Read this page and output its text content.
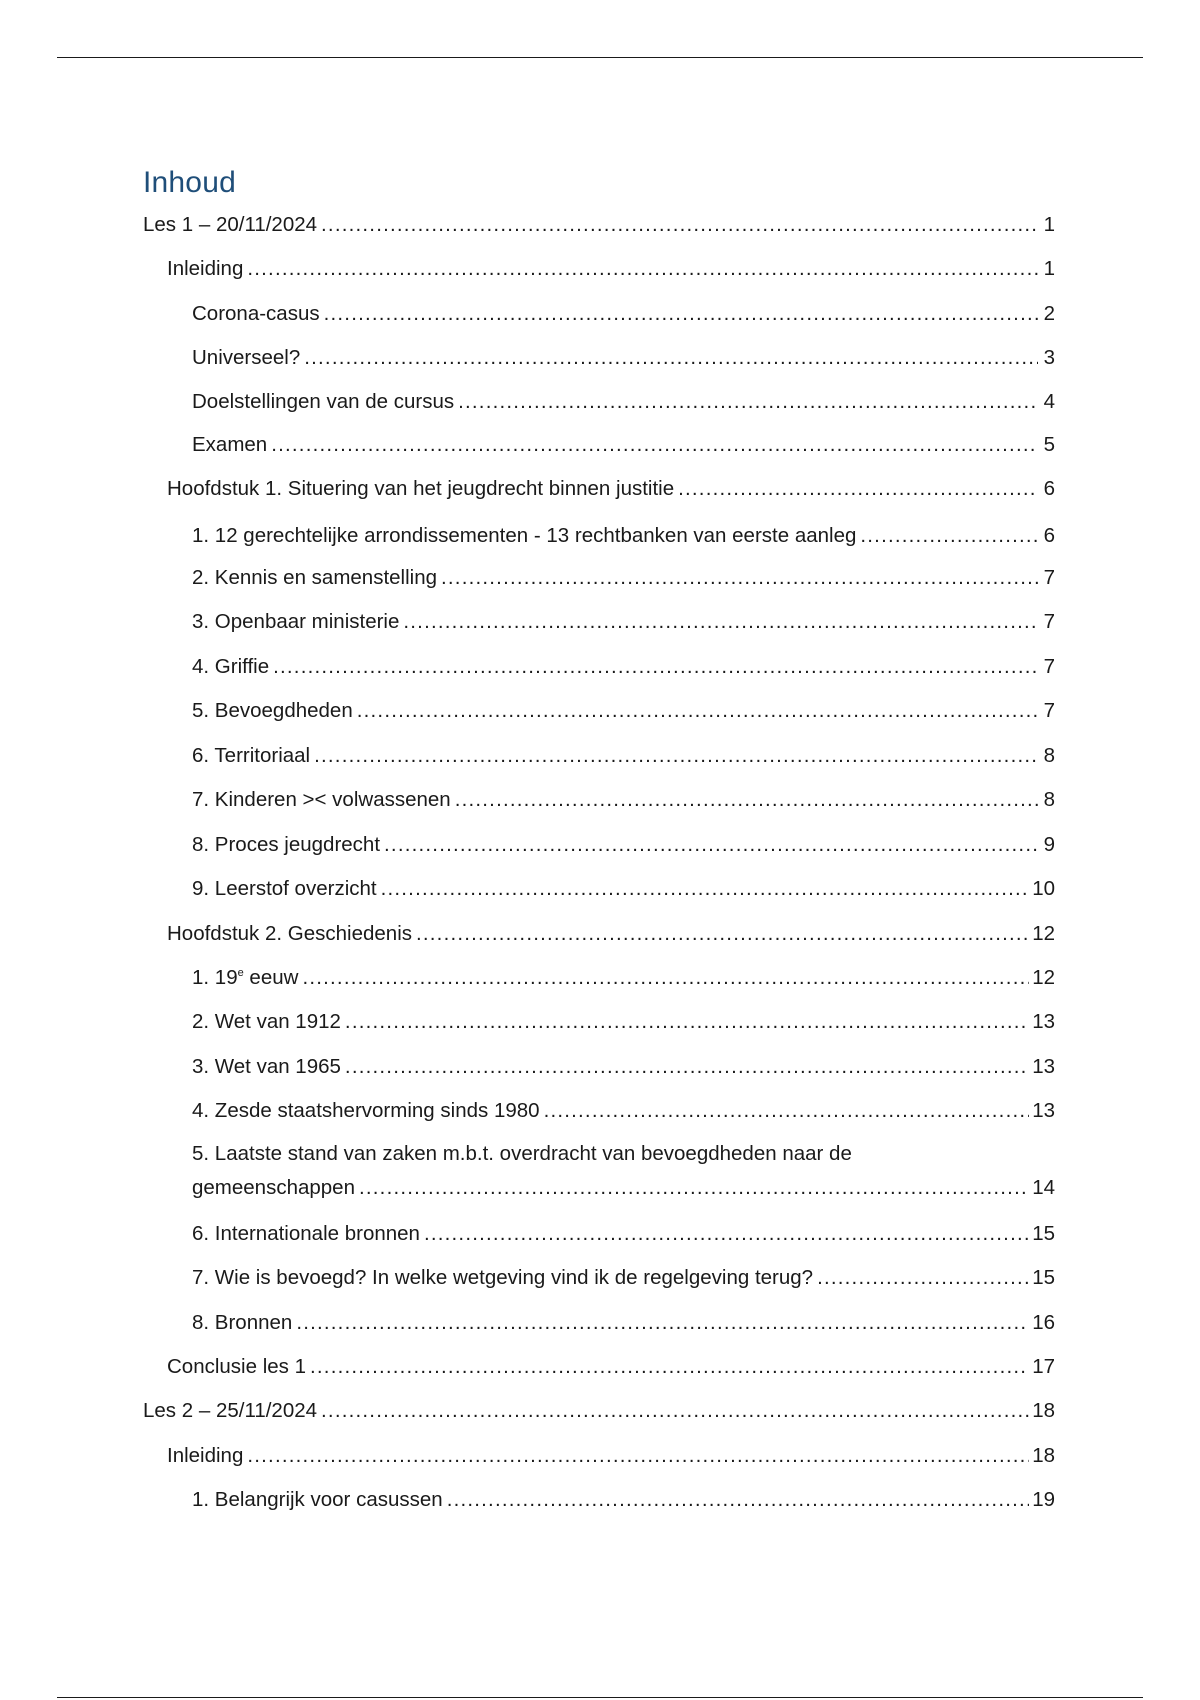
Inhoud
Les 1 – 20/11/2024 .....	1
Inleiding .....	1
Corona-casus .....	2
Universeel? .....	3
Doelstellingen van de cursus .....	4
Examen .....	5
Hoofdstuk 1. Situering van het jeugdrecht binnen justitie .....	6
1. 12 gerechtelijke arrondissementen - 13 rechtbanken van eerste aanleg .....	6
2. Kennis en samenstelling .....	7
3. Openbaar ministerie .....	7
4. Griffie .....	7
5. Bevoegdheden .....	7
6. Territoriaal .....	8
7. Kinderen >< volwassenen .....	8
8. Proces jeugdrecht .....	9
9. Leerstof overzicht .....	10
Hoofdstuk 2. Geschiedenis .....	12
1. 19e eeuw .....	12
2. Wet van 1912 .....	13
3. Wet van 1965 .....	13
4. Zesde staatshervorming sinds 1980 .....	13
5. Laatste stand van zaken m.b.t. overdracht van bevoegdheden naar de
gemeenschappen .....	14
6. Internationale bronnen .....	15
7. Wie is bevoegd? In welke wetgeving vind ik de regelgeving terug? .....	15
8. Bronnen .....	16
Conclusie les 1 .....	17
Les 2 – 25/11/2024 .....	18
Inleiding .....	18
1. Belangrijk voor casussen .....	19
